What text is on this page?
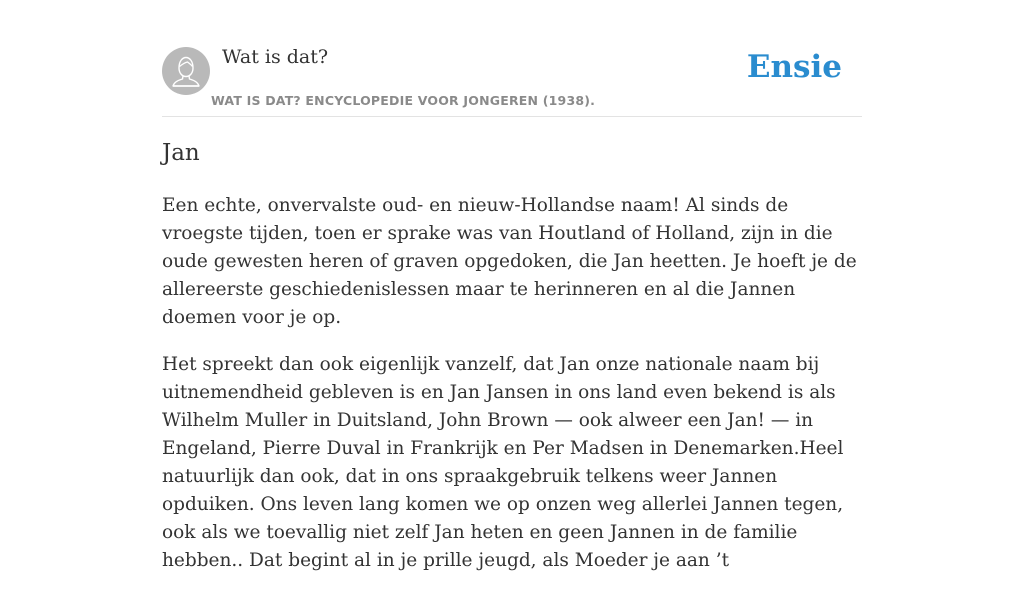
Wat is dat?
WAT IS DAT? ENCYCLOPEDIE VOOR JONGEREN (1938).
Ensie
Jan

Een echte, onvervalste oud- en nieuw-Hollandse naam! Al sinds de vroegste tijden, toen er sprake was van Houtland of Holland, zijn in die oude gewesten heren of graven opgedoken, die Jan heetten. Je hoeft je de allereerste geschiedenislessen maar te herinneren en al die Jannen doemen voor je op.

Het spreekt dan ook eigenlijk vanzelf, dat Jan onze nationale naam bij uitnemendheid gebleven is en Jan Jansen in ons land even bekend is als Wilhelm Muller in Duitsland, John Brown — ook alweer een Jan! — in Engeland, Pierre Duval in Frankrijk en Per Madsen in Denemarken.Heel natuurlijk dan ook, dat in ons spraakgebruik telkens weer Jannen opduiken. Ons leven lang komen we op onzen weg allerlei Jannen tegen, ook als we toevallig niet zelf Jan heten en geen Jannen in de familie hebben.. Dat begint al in je prille jeugd, als Moeder je aan ’t
